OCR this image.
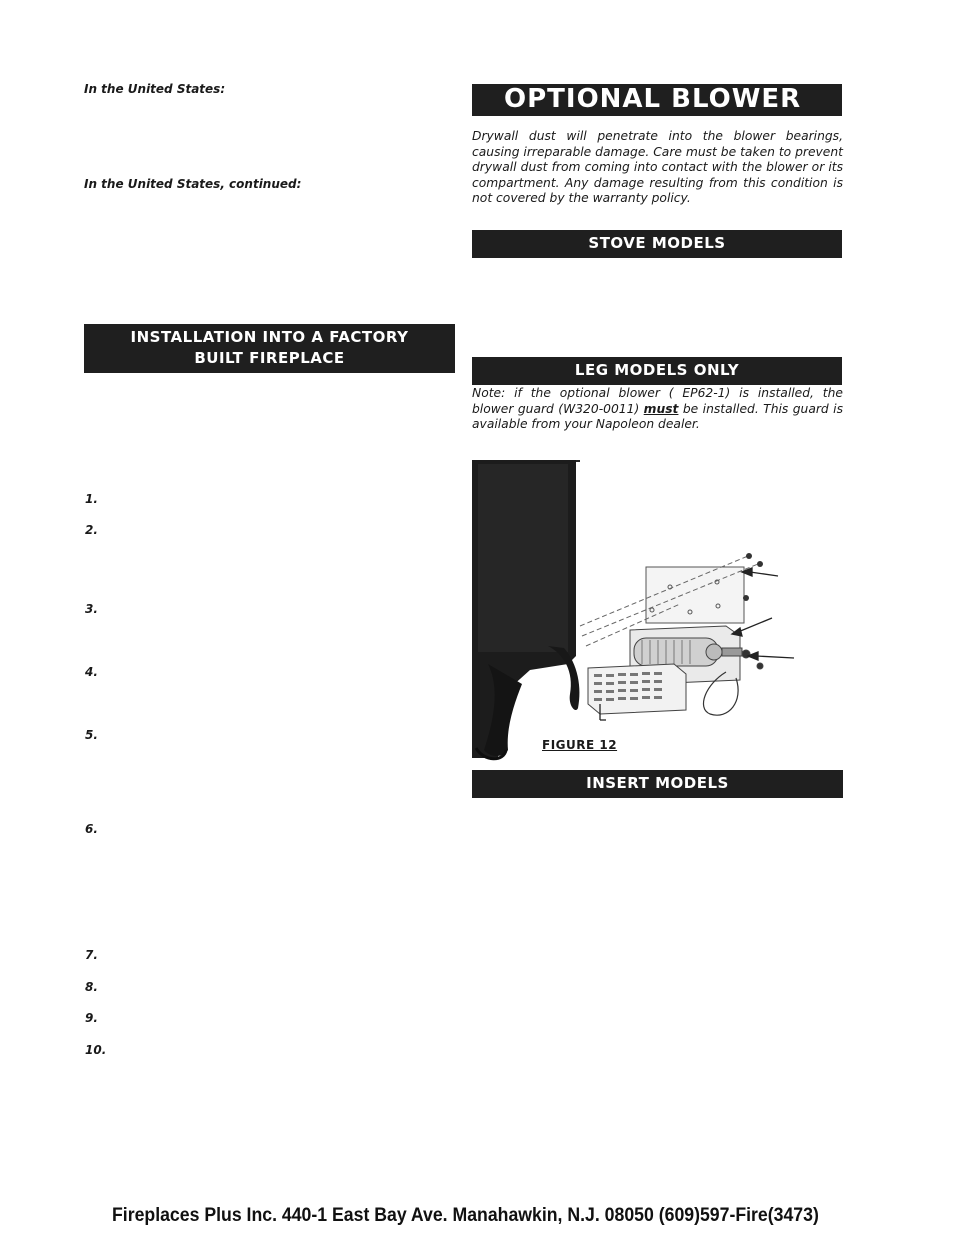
In the United States:

In the United States, continued:

INSTALLATION INTO A FACTORY
BUILT FIREPLACE

1.

2.

3.

4.

5.

6.

7.

8.

9.

10.

OPTIONAL BLOWER

Drywall dust will penetrate into the blower bearings, causing irreparable damage. Care must be taken to prevent drywall dust from coming into contact with the blower or its compartment. Any damage resulting from this condition is not covered by the warranty policy.

STOVE MODELS
LEG MODELS ONLY

Note: if the optional blower ( EP62-1) is installed, the blower guard (W320-0011) must be installed. This guard is available from your Napoleon dealer.

FIGURE 12

INSERT MODELS
Fireplaces Plus Inc. 440-1 East Bay Ave. Manahawkin, N.J. 08050 (609)597-Fire(3473)
